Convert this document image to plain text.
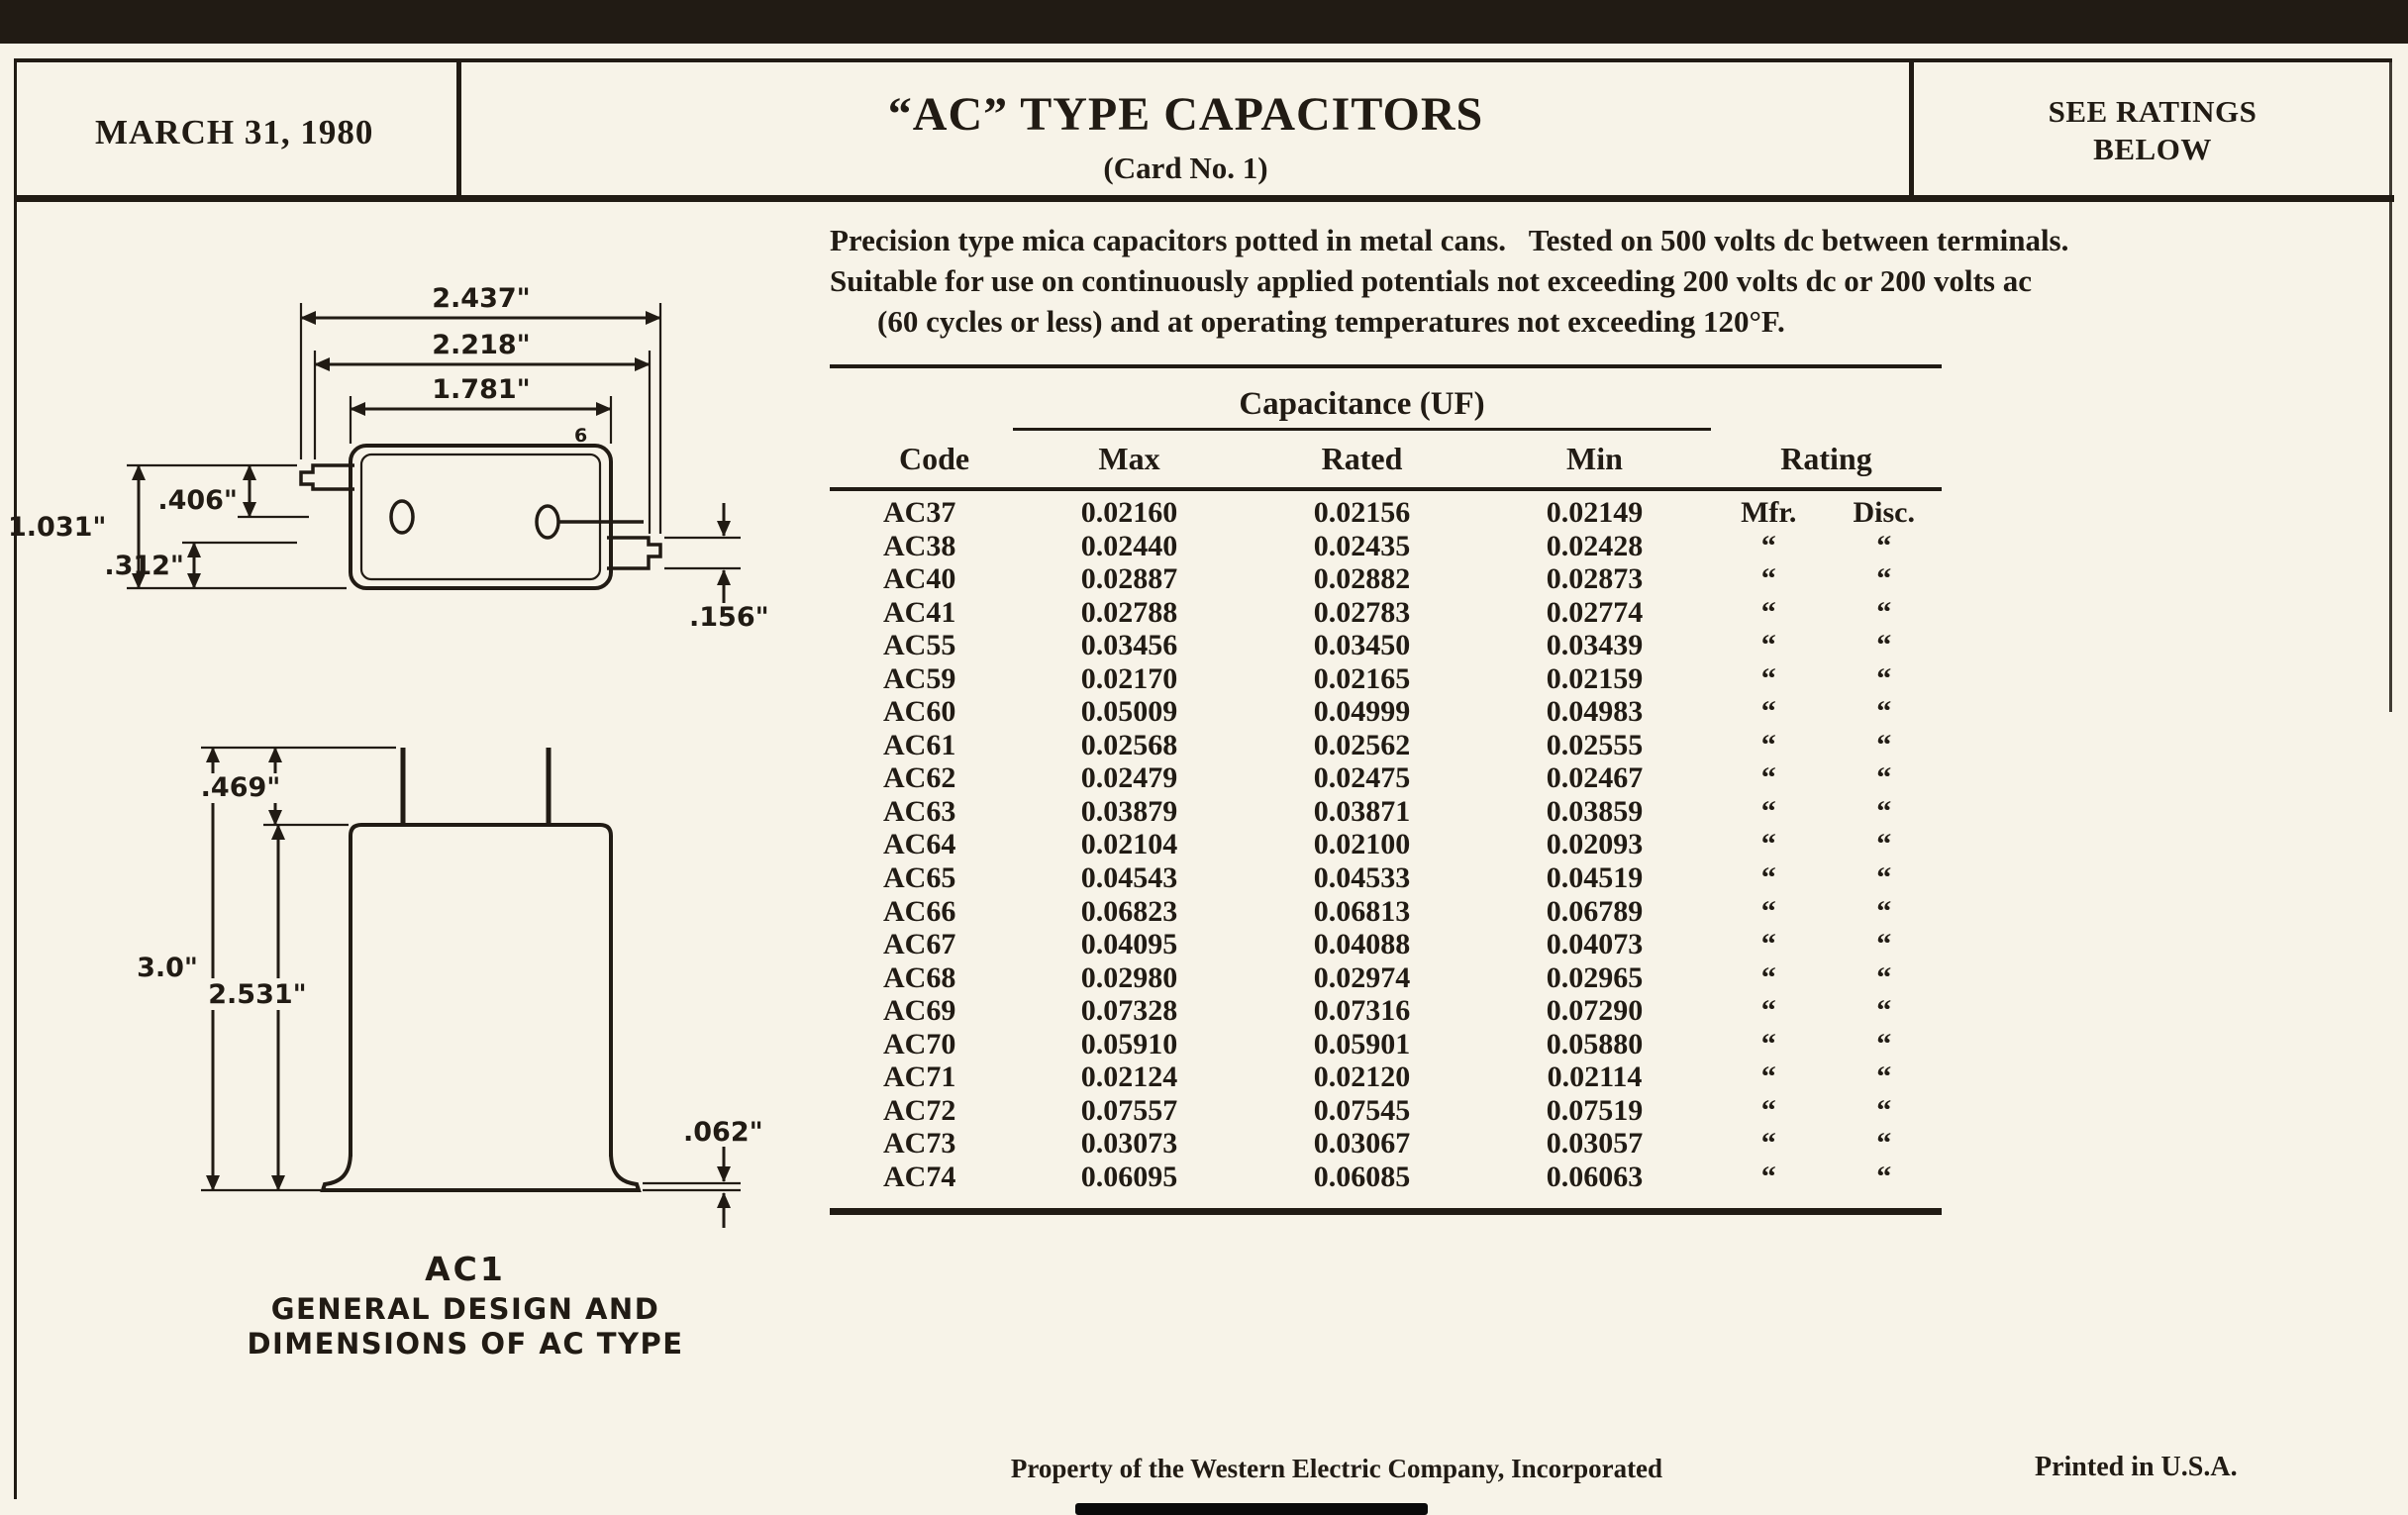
MARCH 31, 1980	“AC” TYPE CAPACITORS
(Card No. 1)
SEE RATINGS
BELOW
Precision type mica capacitors potted in metal cans.   Tested on 500 volts dc between terminals.
Suitable for use on continuously applied potentials not exceeding 200 volts dc or 200 volts ac
(60 cycles or less) and at operating temperatures not exceeding 120°F.
6
2.437"
2.218"
1.781"
1.031"
.406"
.312"
.156"
.469"
3.0"
2.531"
.062"
AC1
GENERAL DESIGN AND
DIMENSIONS OF AC TYPE
Capacitance (UF)
Code	Max	Rated	Min	Rating
AC37	0.02160	0.02156	0.02149	Mfr.	Disc.
AC38	0.02440	0.02435	0.02428	“	“
AC40	0.02887	0.02882	0.02873	“	“
AC41	0.02788	0.02783	0.02774	“	“
AC55	0.03456	0.03450	0.03439	“	“
AC59	0.02170	0.02165	0.02159	“	“
AC60	0.05009	0.04999	0.04983	“	“
AC61	0.02568	0.02562	0.02555	“	“
AC62	0.02479	0.02475	0.02467	“	“
AC63	0.03879	0.03871	0.03859	“	“
AC64	0.02104	0.02100	0.02093	“	“
AC65	0.04543	0.04533	0.04519	“	“
AC66	0.06823	0.06813	0.06789	“	“
AC67	0.04095	0.04088	0.04073	“	“
AC68	0.02980	0.02974	0.02965	“	“
AC69	0.07328	0.07316	0.07290	“	“
AC70	0.05910	0.05901	0.05880	“	“
AC71	0.02124	0.02120	0.02114	“	“
AC72	0.07557	0.07545	0.07519	“	“
AC73	0.03073	0.03067	0.03057	“	“
AC74	0.06095	0.06085	0.06063	“	“
Property of the Western Electric Company, Incorporated	Printed in U.S.A.
